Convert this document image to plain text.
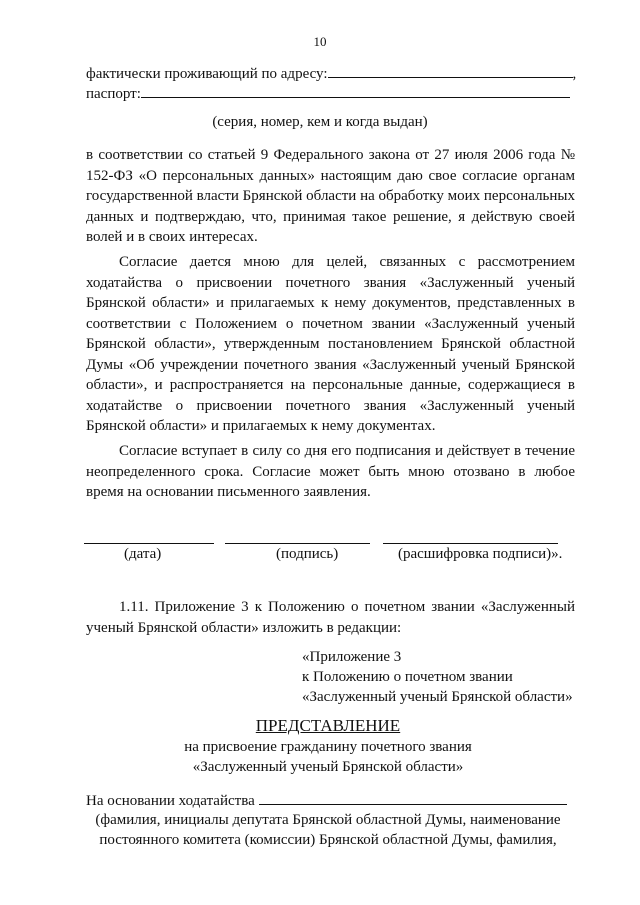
10
фактически проживающий по адресу:	,
паспорт:
(серия, номер, кем и когда выдан)
в соответствии со статьей 9 Федерального закона от 27 июля 2006 года № 152-ФЗ «О персональных данных» настоящим даю свое согласие органам государственной власти Брянской области на обработку моих персональных данных и подтверждаю, что, принимая такое решение, я действую своей волей и в своих интересах.
Согласие дается мною для целей, связанных с рассмотрением ходатайства о присвоении почетного звания «Заслуженный ученый Брянской области» и прилагаемых к нему документов, представленных в соответствии с Положением о почетном звании «Заслуженный ученый Брянской области», утвержденным постановлением Брянской областной Думы «Об учреждении почетного звания «Заслуженный ученый Брянской области», и распространяется на персональные данные, содержащиеся в ходатайстве о присвоении почетного звания «Заслуженный ученый Брянской области» и прилагаемых к нему документах.
Согласие вступает в силу со дня его подписания и действует в течение неопределенного срока. Согласие может быть мною отозвано в любое время на основании письменного заявления.
(дата)	(подпись)	(расшифровка подписи)».
1.11. Приложение 3 к Положению о почетном звании «Заслуженный ученый Брянской области» изложить в редакции:
«Приложение 3
к Положению о почетном звании
«Заслуженный ученый Брянской области»
ПРЕДСТАВЛЕНИЕ
на присвоение гражданину почетного звания
«Заслуженный ученый Брянской области»
На основании ходатайства
(фамилия, инициалы депутата Брянской областной Думы, наименование
постоянного комитета (комиссии) Брянской областной Думы, фамилия,
